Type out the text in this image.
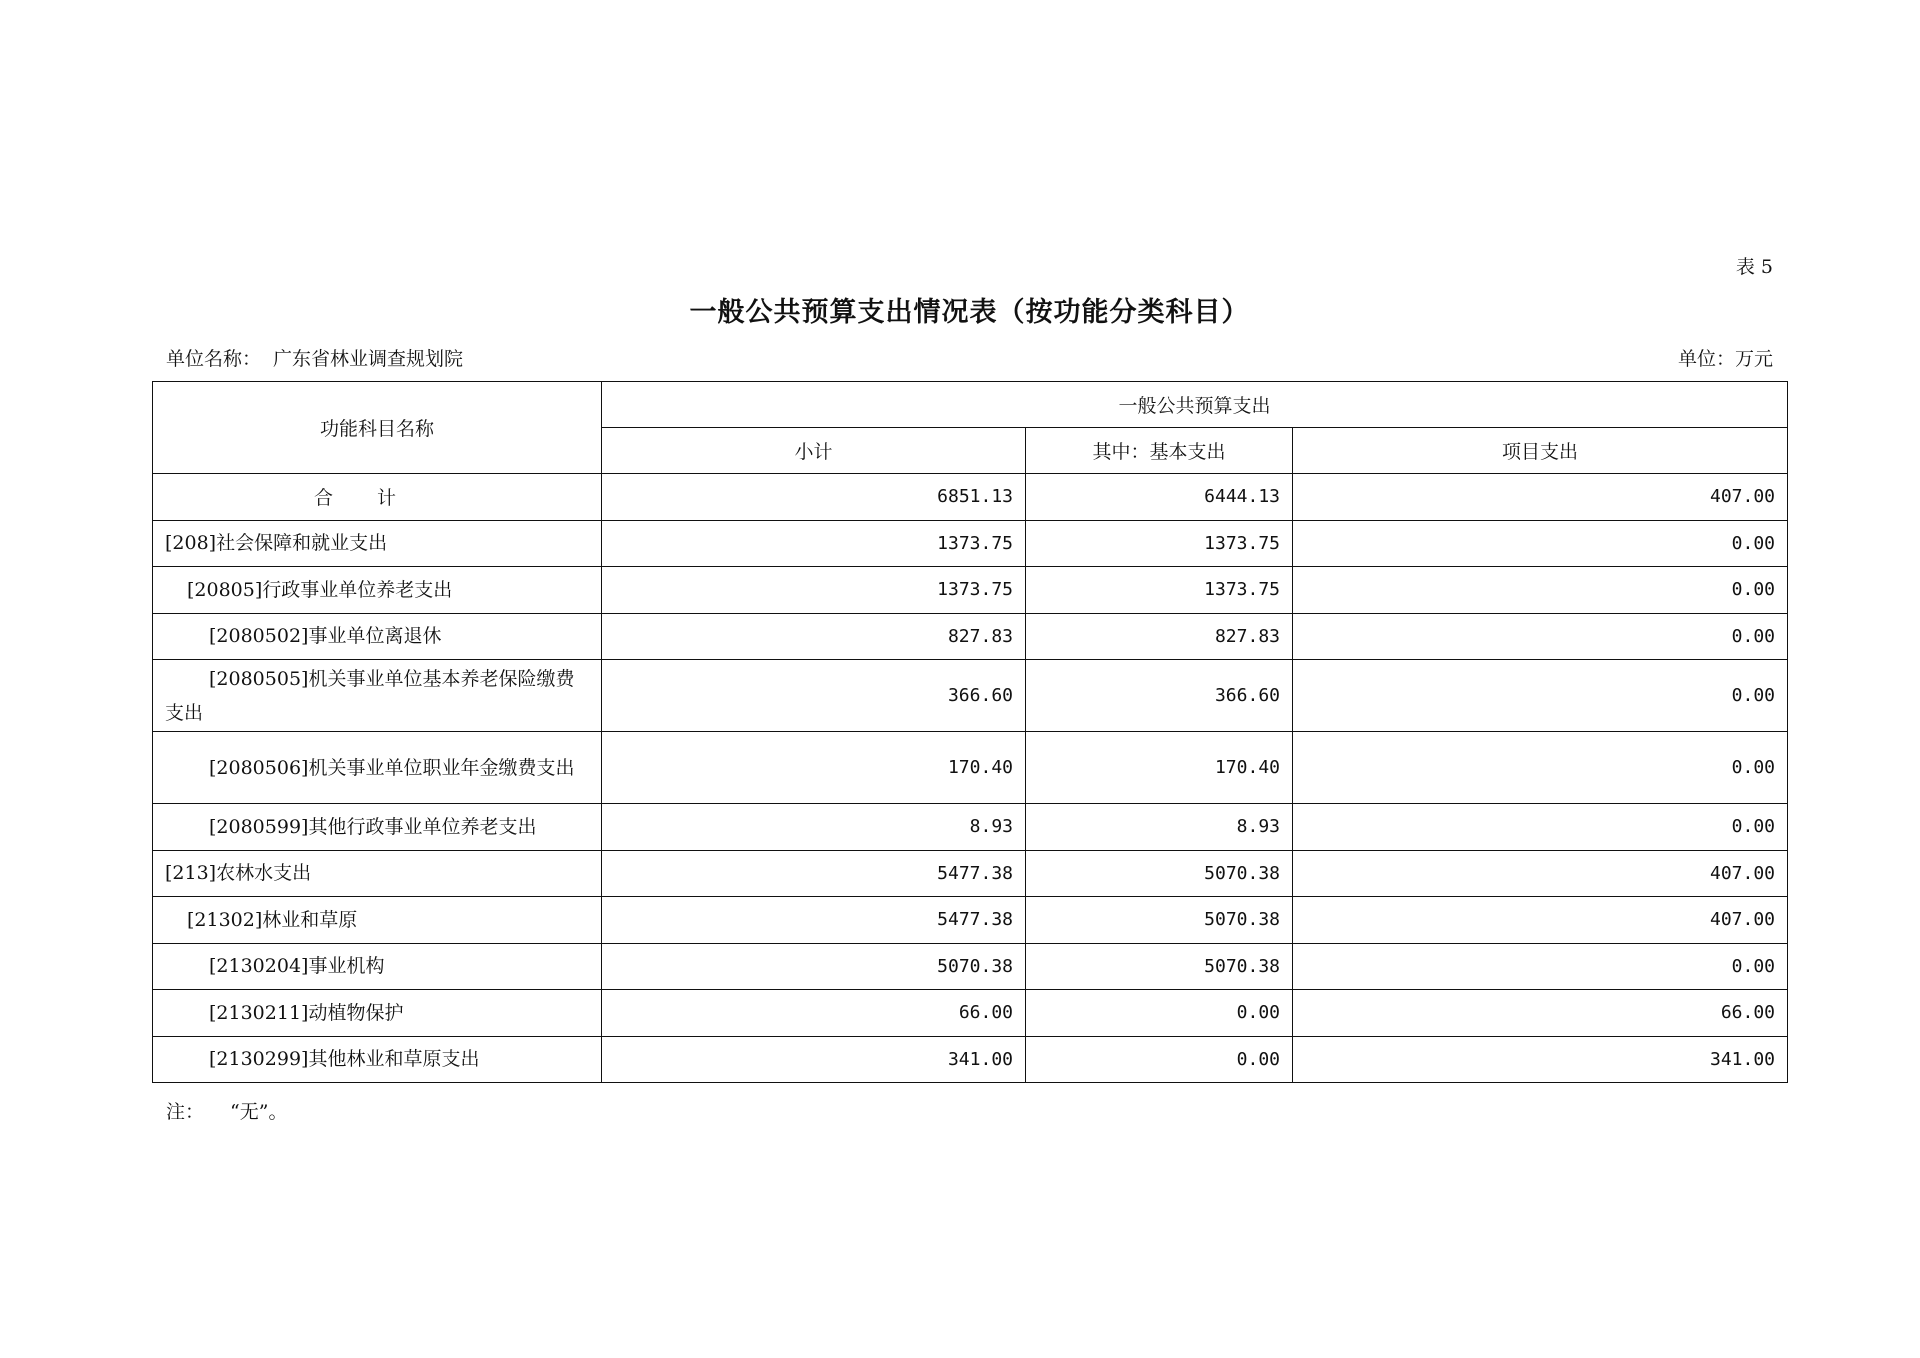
表 5
一般公共预算支出情况表（按功能分类科目）
单位名称： 广东省林业调查规划院	单位：万元
功能科目名称	一般公共预算支出		
	小计	其中：基本支出	项目支出
合计	6851.13	6444.13	407.00
[208]社会保障和就业支出	1373.75	1373.75	0.00
[20805]行政事业单位养老支出	1373.75	1373.75	0.00
[2080502]事业单位离退休	827.83	827.83	0.00
[2080505]机关事业单位基本养老保险缴费支出	366.60	366.60	0.00
[2080506]机关事业单位职业年金缴费支出	170.40	170.40	0.00
[2080599]其他行政事业单位养老支出	8.93	8.93	0.00
[213]农林水支出	5477.38	5070.38	407.00
[21302]林业和草原	5477.38	5070.38	407.00
[2130204]事业机构	5070.38	5070.38	0.00
[2130211]动植物保护	66.00	0.00	66.00
[2130299]其他林业和草原支出	341.00	0.00	341.00
注： “无”。
